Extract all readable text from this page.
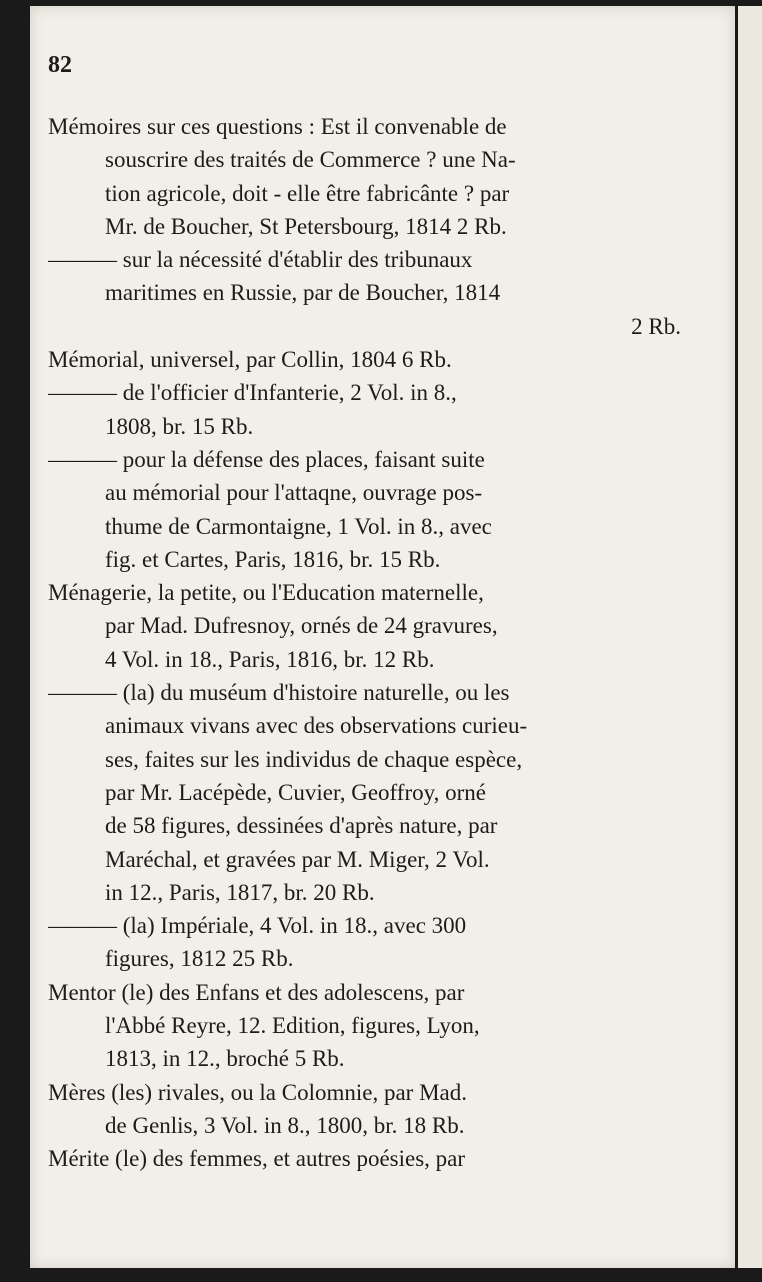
82
Mémoires sur ces questions : Est il convenable de
souscrire des traités de Commerce ? une Na-
tion agricole, doit - elle être fabricânte ? par
Mr. de Boucher, St Petersbourg, 1814 2 Rb.
——— sur la nécessité d'établir des tribunaux
maritimes en Russie, par de Boucher, 1814
2 Rb.
Mémorial, universel, par Collin, 1804 6 Rb.
——— de l'officier d'Infanterie, 2 Vol. in 8.,
1808, br. 15 Rb.
——— pour la défense des places, faisant suite
au mémorial pour l'attaqne, ouvrage pos-
thume de Carmontaigne, 1 Vol. in 8., avec
fig. et Cartes, Paris, 1816, br. 15 Rb.
Ménagerie, la petite, ou l'Education maternelle,
par Mad. Dufresnoy, ornés de 24 gravures,
4 Vol. in 18., Paris, 1816, br. 12 Rb.
——— (la) du muséum d'histoire naturelle, ou les
animaux vivans avec des observations curieu-
ses, faites sur les individus de chaque espèce,
par Mr. Lacépède, Cuvier, Geoffroy, orné
de 58 figures, dessinées d'après nature, par
Maréchal, et gravées par M. Miger, 2 Vol.
in 12., Paris, 1817, br. 20 Rb.
——— (la) Impériale, 4 Vol. in 18., avec 300
figures, 1812 25 Rb.
Mentor (le) des Enfans et des adolescens, par
l'Abbé Reyre, 12. Edition, figures, Lyon,
1813, in 12., broché 5 Rb.
Mères (les) rivales, ou la Colomnie, par Mad.
de Genlis, 3 Vol. in 8., 1800, br. 18 Rb.
Mérite (le) des femmes, et autres poésies, par
